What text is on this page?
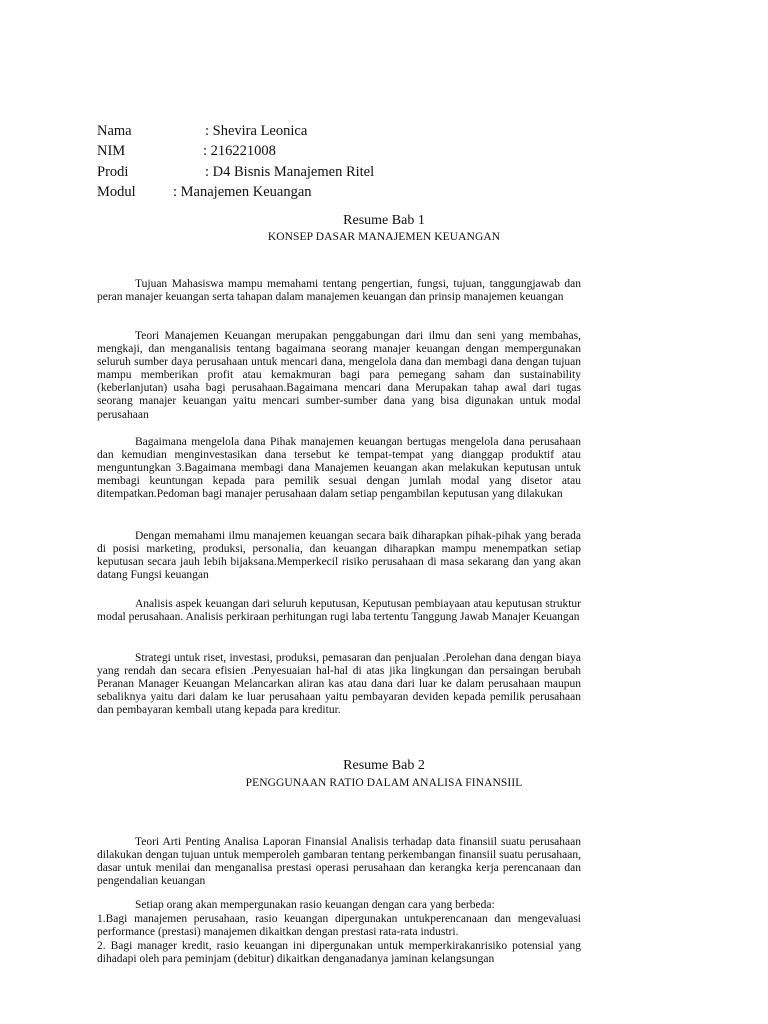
Nama	: Shevira Leonica
NIM	: 216221008
Prodi	: D4 Bisnis Manajemen Ritel
Modul	: Manajemen Keuangan
Resume Bab 1
KONSEP DASAR MANAJEMEN KEUANGAN

Tujuan Mahasiswa mampu memahami tentang pengertian, fungsi, tujuan, tanggungjawab dan peran manajer keuangan serta tahapan dalam manajemen keuangan dan prinsip manajemen keuangan

Teori Manajemen Keuangan merupakan penggabungan dari ilmu dan seni yang membahas, mengkaji, dan menganalisis tentang bagaimana seorang manajer keuangan dengan mempergunakan seluruh sumber daya perusahaan untuk mencari dana, mengelola dana dan membagi dana dengan tujuan mampu memberikan profit atau kemakmuran bagi para pemegang saham dan sustainability (keberlanjutan) usaha bagi perusahaan.Bagaimana mencari dana Merupakan tahap awal dari tugas seorang manajer keuangan yaitu mencari sumber-sumber dana yang bisa digunakan untuk modal perusahaan

Bagaimana mengelola dana Pihak manajemen keuangan bertugas mengelola dana perusahaan dan kemudian menginvestasikan dana tersebut ke tempat-tempat yang dianggap produktif atau menguntungkan 3.Bagaimana membagi dana Manajemen keuangan akan melakukan keputusan untuk membagi keuntungan kepada para pemilik sesuai dengan jumlah modal yang disetor atau ditempatkan.Pedoman bagi manajer perusahaan dalam setiap pengambilan keputusan yang dilakukan

Dengan memahami ilmu manajemen keuangan secara baik diharapkan pihak-pihak yang berada di posisi marketing, produksi, personalia, dan keuangan diharapkan mampu menempatkan setiap keputusan secara jauh lebih bijaksana.Memperkecil risiko perusahaan di masa sekarang dan yang akan datang Fungsi keuangan

Analisis aspek keuangan dari seluruh keputusan, Keputusan pembiayaan atau keputusan struktur modal perusahaan. Analisis perkiraan perhitungan rugi laba tertentu Tanggung Jawab Manajer Keuangan

Strategi untuk riset, investasi, produksi, pemasaran dan penjualan .Perolehan dana dengan biaya yang rendah dan secara efisien .Penyesuaian hal-hal di atas jika lingkungan dan persaingan berubah Peranan Manager Keuangan Melancarkan aliran kas atau dana dari luar ke dalam perusahaan maupun sebaliknya yaitu dari dalam ke luar perusahaan yaitu pembayaran deviden kepada pemilik perusahaan dan pembayaran kembali utang kepada para kreditur.

Resume Bab 2
PENGGUNAAN RATIO DALAM ANALISA FINANSIIL

Teori Arti Penting Analisa Laporan Finansial Analisis terhadap data finansiil suatu perusahaan dilakukan dengan tujuan untuk memperoleh gambaran tentang perkembangan finansiil suatu perusahaan, dasar untuk menilai dan menganalisa prestasi operasi perusahaan dan kerangka kerja perencanaan dan pengendalian keuangan

Setiap orang akan mempergunakan rasio keuangan dengan cara yang berbeda:

1.Bagi manajemen perusahaan, rasio keuangan dipergunakan untukperencanaan dan mengevaluasi performance (prestasi) manajemen dikaitkan dengan prestasi rata-rata industri.

2. Bagi manager kredit, rasio keuangan ini dipergunakan untuk memperkirakanrisiko potensial yang dihadapi oleh para peminjam (debitur) dikaitkan denganadanya jaminan kelangsungan
